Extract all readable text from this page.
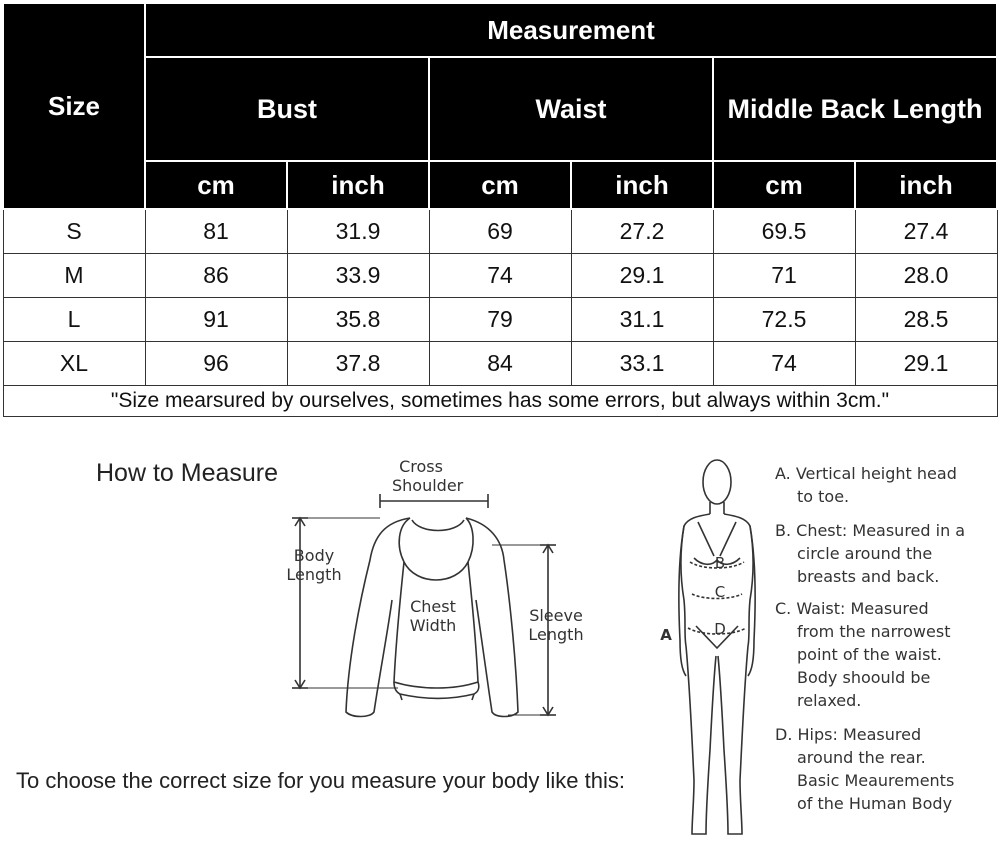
Size	Measurement					
	Bust		Waist		Middle Back Length	
	cm	inch	cm	inch	cm	inch
S	81	31.9	69	27.2	69.5	27.4
M	86	33.9	74	29.1	71	28.0
L	91	35.8	79	31.1	72.5	28.5
XL	96	37.8	84	33.1	74	29.1
"Size mearsured by ourselves, sometimes has some errors, but always within 3cm."						
How to Measure	Cross
Shoulder
Body
Length
Chest
Width
Sleeve
Length
To choose the correct size for you measure your body like this:
B
C
D
A
A. Vertical height head
to toe.
B. Chest: Measured in a
circle around the
breasts and back.
C. Waist: Measured
from the narrowest
point of the waist.
Body shoould be
relaxed.
D. Hips: Measured
around the rear.
Basic Meaurements
of the Human Body
